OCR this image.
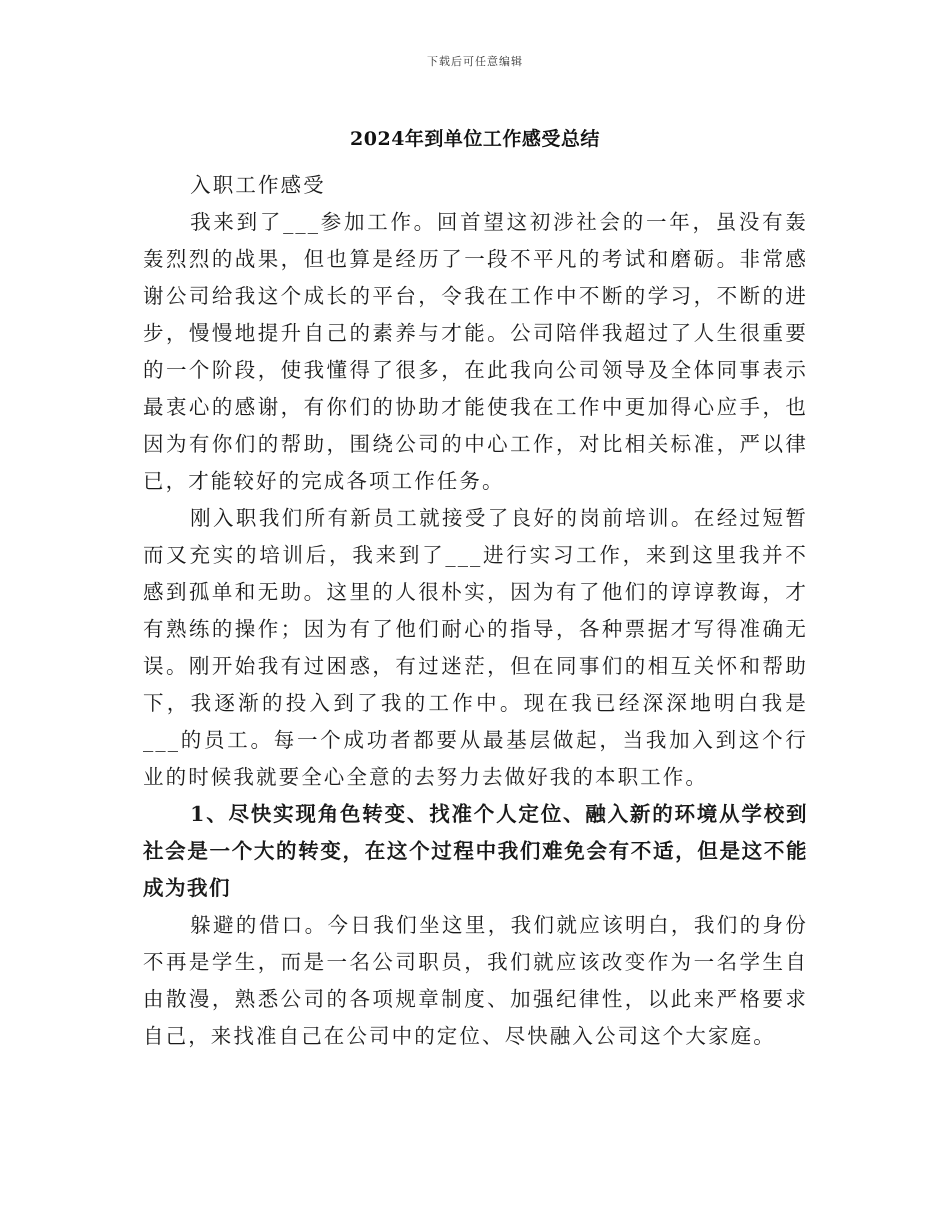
下载后可任意编辑
2024年到单位工作感受总结

入职工作感受

我来到了___参加工作。回首望这初涉社会的一年，虽没有轰轰烈烈的战果，但也算是经历了一段不平凡的考试和磨砺。非常感谢公司给我这个成长的平台，令我在工作中不断的学习，不断的进步，慢慢地提升自己的素养与才能。公司陪伴我超过了人生很重要的一个阶段，使我懂得了很多，在此我向公司领导及全体同事表示最衷心的感谢，有你们的协助才能使我在工作中更加得心应手，也因为有你们的帮助，围绕公司的中心工作，对比相关标准，严以律已，才能较好的完成各项工作任务。

刚入职我们所有新员工就接受了良好的岗前培训。在经过短暂而又充实的培训后，我来到了___进行实习工作，来到这里我并不感到孤单和无助。这里的人很朴实，因为有了他们的谆谆教诲，才有熟练的操作；因为有了他们耐心的指导，各种票据才写得准确无误。刚开始我有过困惑，有过迷茫，但在同事们的相互关怀和帮助下，我逐渐的投入到了我的工作中。现在我已经深深地明白我是___的员工。每一个成功者都要从最基层做起，当我加入到这个行业的时候我就要全心全意的去努力去做好我的本职工作。

1、尽快实现角色转变、找准个人定位、融入新的环境从学校到社会是一个大的转变，在这个过程中我们难免会有不适，但是这不能成为我们

躲避的借口。今日我们坐这里，我们就应该明白，我们的身份不再是学生，而是一名公司职员，我们就应该改变作为一名学生自由散漫，熟悉公司的各项规章制度、加强纪律性，以此来严格要求自己，来找准自己在公司中的定位、尽快融入公司这个大家庭。
